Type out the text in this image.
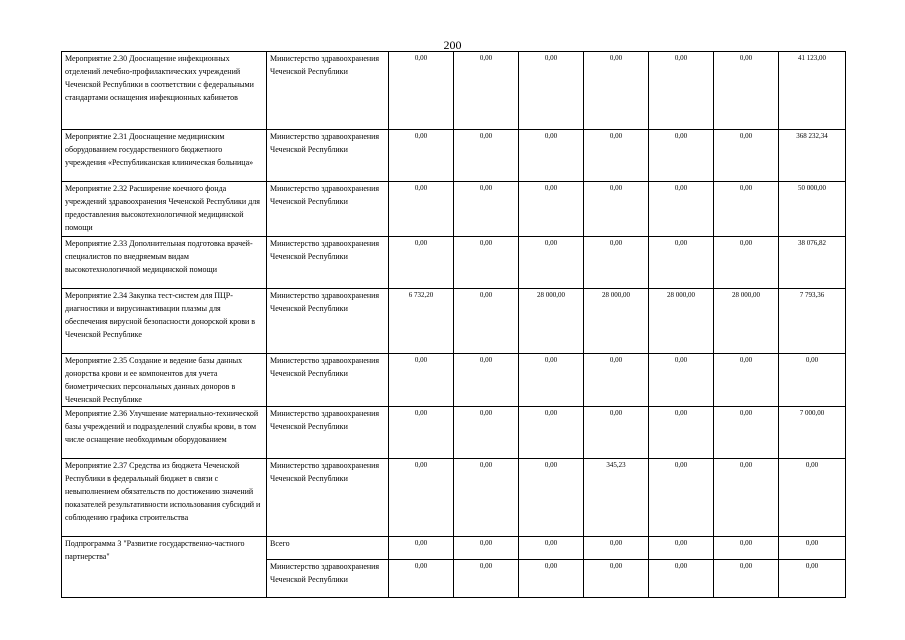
200
Мероприятие 2.30 Дооснащение инфекционных отделений лечебно-профилактических учреждений Чеченской Республики в соответствии с федеральными стандартами оснащения инфекционных кабинетов	Министерство здравоохранения Чеченской Республики	0,00	0,00	0,00	0,00	0,00	0,00	41 123,00

Мероприятие 2.31 Дооснащение медицинским оборудованием государственного бюджетного учреждения «Республиканская клиническая больница»	Министерство здравоохранения Чеченской Республики	0,00	0,00	0,00	0,00	0,00	0,00	368 232,34

Мероприятие 2.32 Расширение коечного фонда учреждений здравоохранения Чеченской Республики для предоставления высокотехнологичной медицинской помощи	Министерство здравоохранения Чеченской Республики	0,00	0,00	0,00	0,00	0,00	0,00	50 000,00

Мероприятие 2.33 Дополнительная подготовка врачей-специалистов по внедряемым видам высокотехнологичной медицинской помощи	Министерство здравоохранения Чеченской Республики	0,00	0,00	0,00	0,00	0,00	0,00	38 076,82

Мероприятие 2.34 Закупка тест-систем для ПЦР-диагностики и вирусинактивации плазмы для обеспечения вирусной безопасности донорской крови в Чеченской Республике	Министерство здравоохранения Чеченской Республики	6 732,20	0,00	28 000,00	28 000,00	28 000,00	28 000,00	7 793,36

Мероприятие 2.35 Создание и ведение базы данных донорства крови и ее компонентов для учета биометрических персональных данных доноров в Чеченской Республике	Министерство здравоохранения Чеченской Республики	0,00	0,00	0,00	0,00	0,00	0,00	0,00

Мероприятие 2.36 Улучшение материально-технической базы учреждений и подразделений службы крови, в том числе оснащение необходимым оборудованием	Министерство здравоохранения Чеченской Республики	0,00	0,00	0,00	0,00	0,00	0,00	7 000,00

Мероприятие 2.37 Средства из бюджета Чеченской Республики в федеральный бюджет в связи с невыполнением обязательств по достижению значений показателей результативности использования субсидий и соблюдению графика строительства	Министерство здравоохранения Чеченской Республики	0,00	0,00	0,00	345,23	0,00	0,00	0,00

Подпрограмма 3 "Развитие государственно-частного партнерства"	Всего	0,00	0,00	0,00	0,00	0,00	0,00	0,00

	Министерство здравоохранения Чеченской Республики	0,00	0,00	0,00	0,00	0,00	0,00	0,00
